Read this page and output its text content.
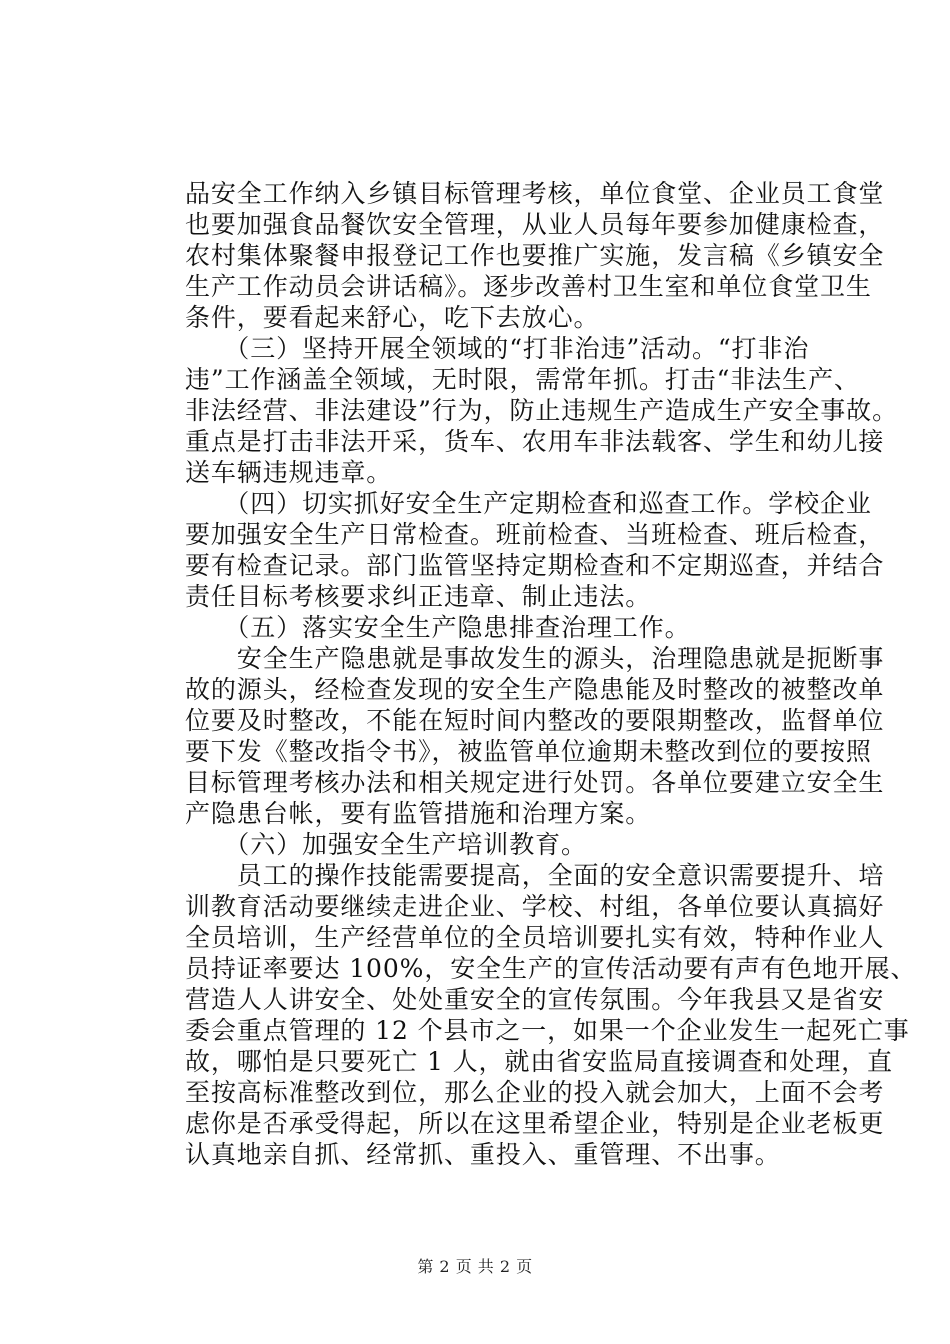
品安全工作纳入乡镇目标管理考核，单位食堂、企业员工食堂
也要加强食品餐饮安全管理，从业人员每年要参加健康检查，
农村集体聚餐申报登记工作也要推广实施，发言稿《乡镇安全
生产工作动员会讲话稿》。逐步改善村卫生室和单位食堂卫生
条件，要看起来舒心，吃下去放心。
　　（三）坚持开展全领域的“打非治违”活动。“打非治
违”工作涵盖全领域，无时限，需常年抓。打击“非法生产、
非法经营、非法建设”行为，防止违规生产造成生产安全事故。
重点是打击非法开采，货车、农用车非法载客、学生和幼儿接
送车辆违规违章。
　　（四）切实抓好安全生产定期检查和巡查工作。学校企业
要加强安全生产日常检查。班前检查、当班检查、班后检查，
要有检查记录。部门监管坚持定期检查和不定期巡查，并结合
责任目标考核要求纠正违章、制止违法。
　　（五）落实安全生产隐患排查治理工作。
　　安全生产隐患就是事故发生的源头，治理隐患就是扼断事
故的源头，经检查发现的安全生产隐患能及时整改的被整改单
位要及时整改，不能在短时间内整改的要限期整改，监督单位
要下发《整改指令书》，被监管单位逾期未整改到位的要按照
目标管理考核办法和相关规定进行处罚。各单位要建立安全生
产隐患台帐，要有监管措施和治理方案。
　　（六）加强安全生产培训教育。
　　员工的操作技能需要提高，全面的安全意识需要提升、培
训教育活动要继续走进企业、学校、村组，各单位要认真搞好
全员培训，生产经营单位的全员培训要扎实有效，特种作业人
员持证率要达 100%，安全生产的宣传活动要有声有色地开展、
营造人人讲安全、处处重安全的宣传氛围。今年我县又是省安
委会重点管理的 12 个县市之一，如果一个企业发生一起死亡事
故，哪怕是只要死亡 1 人，就由省安监局直接调查和处理，直
至按高标准整改到位，那么企业的投入就会加大，上面不会考
虑你是否承受得起，所以在这里希望企业，特别是企业老板更
认真地亲自抓、经常抓、重投入、重管理、不出事。
第 2 页 共 2 页
